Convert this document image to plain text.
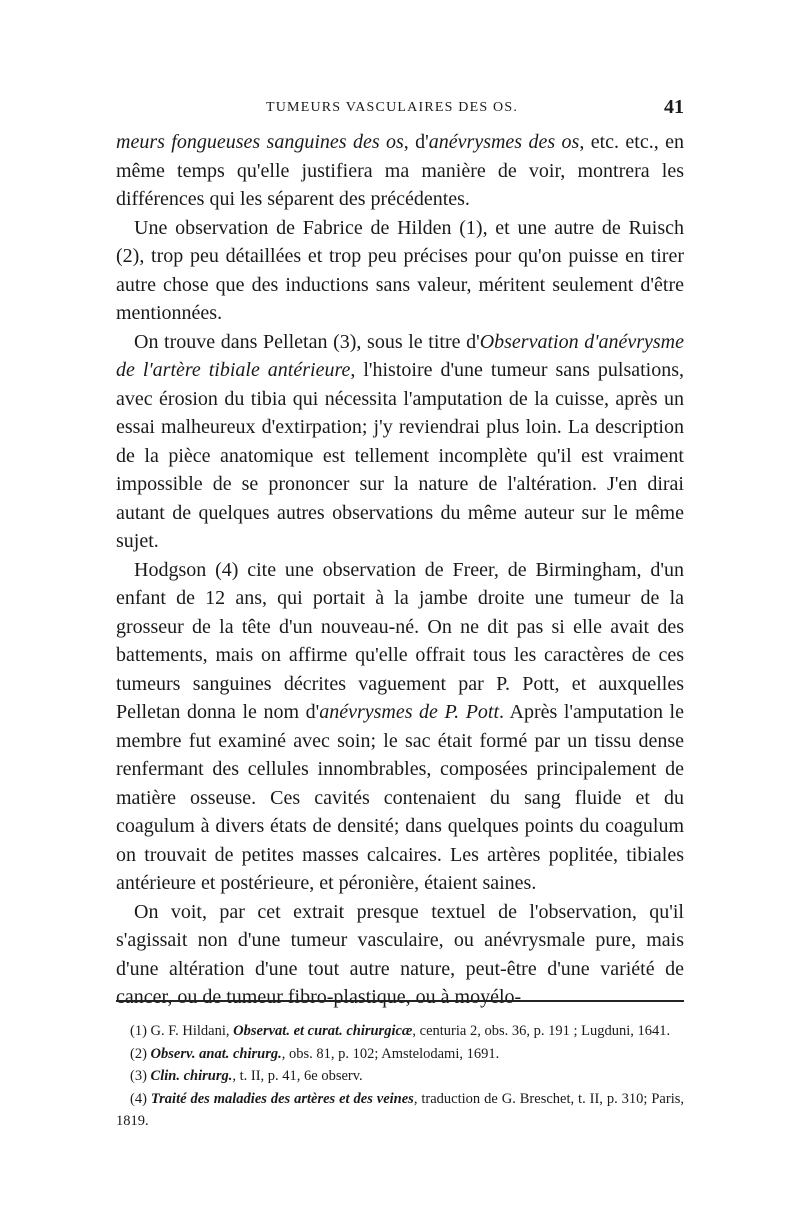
TUMEURS VASCULAIRES DES OS.	41

meurs fongueuses sanguines des os, d'anévrysmes des os, etc. etc., en même temps qu'elle justifiera ma manière de voir, montrera les différences qui les séparent des précédentes.

Une observation de Fabrice de Hilden (1), et une autre de Ruisch (2), trop peu détaillées et trop peu précises pour qu'on puisse en tirer autre chose que des inductions sans valeur, méritent seulement d'être mentionnées.

On trouve dans Pelletan (3), sous le titre d'Observation d'anévrysme de l'artère tibiale antérieure, l'histoire d'une tumeur sans pulsations, avec érosion du tibia qui nécessita l'amputation de la cuisse, après un essai malheureux d'extirpation; j'y reviendrai plus loin. La description de la pièce anatomique est tellement incomplète qu'il est vraiment impossible de se prononcer sur la nature de l'altération. J'en dirai autant de quelques autres observations du même auteur sur le même sujet.

Hodgson (4) cite une observation de Freer, de Birmingham, d'un enfant de 12 ans, qui portait à la jambe droite une tumeur de la grosseur de la tête d'un nouveau-né. On ne dit pas si elle avait des battements, mais on affirme qu'elle offrait tous les caractères de ces tumeurs sanguines décrites vaguement par P. Pott, et auxquelles Pelletan donna le nom d'anévrysmes de P. Pott. Après l'amputation le membre fut examiné avec soin; le sac était formé par un tissu dense renfermant des cellules innombrables, composées principalement de matière osseuse. Ces cavités contenaient du sang fluide et du coagulum à divers états de densité; dans quelques points du coagulum on trouvait de petites masses calcaires. Les artères poplitée, tibiales antérieure et postérieure, et péronière, étaient saines.

On voit, par cet extrait presque textuel de l'observation, qu'il s'agissait non d'une tumeur vasculaire, ou anévrysmale pure, mais d'une altération d'une tout autre nature, peut-être d'une variété de cancer, ou de tumeur fibro-plastique, ou à moyélo-

(1) G. F. Hildani, Observat. et curat. chirurgicæ, centuria 2, obs. 36, p. 191 ; Lugduni, 1641.

(2) Observ. anat. chirurg., obs. 81, p. 102; Amstelodami, 1691.

(3) Clin. chirurg., t. II, p. 41, 6e observ.

(4) Traité des maladies des artères et des veines, traduction de G. Breschet, t. II, p. 310; Paris, 1819.
